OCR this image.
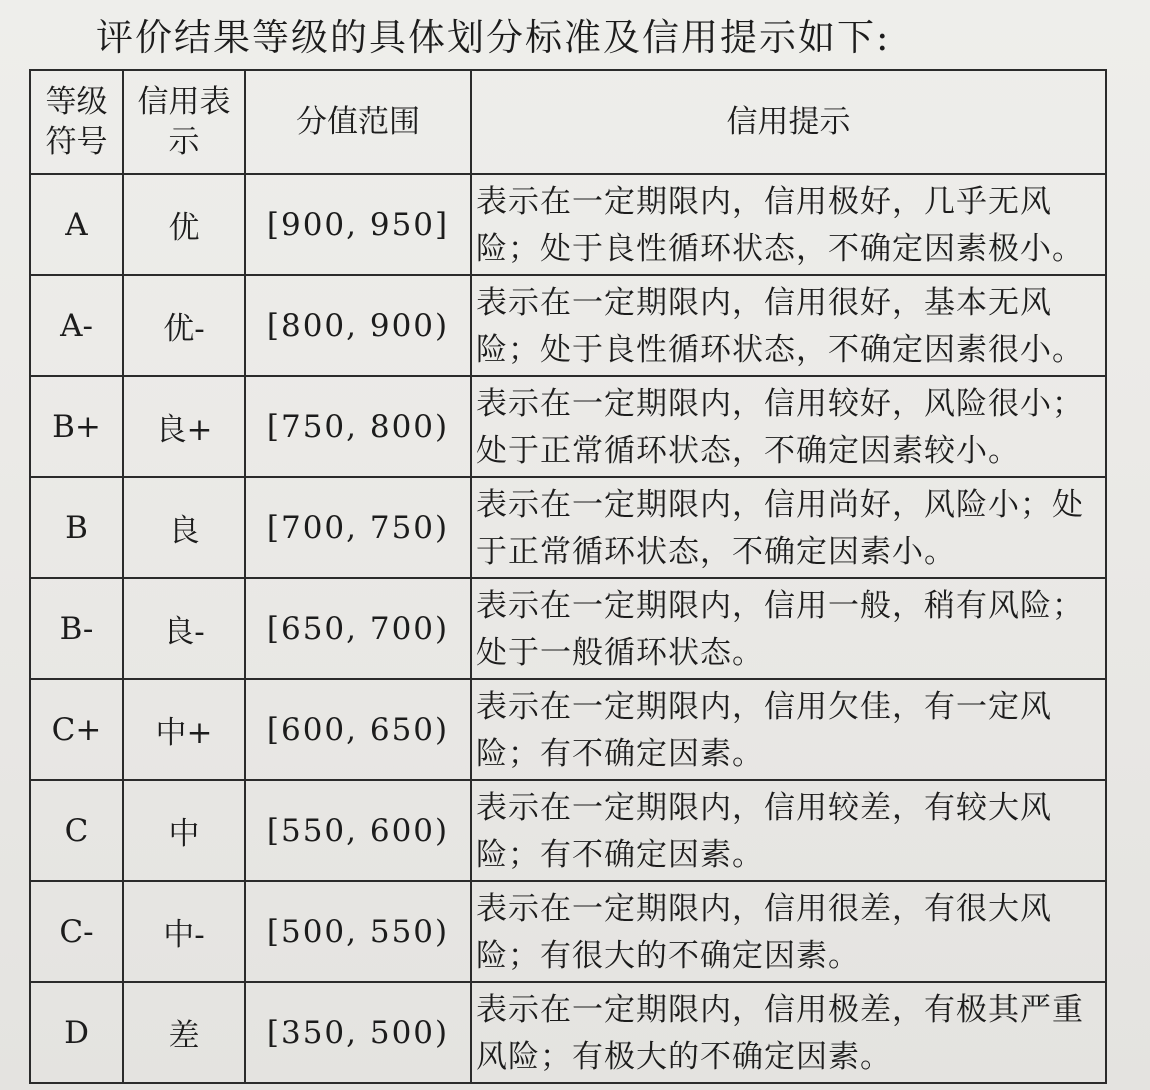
评价结果等级的具体划分标准及信用提示如下:
等级符号	信用表示	分值范围	信用提示
A	优	[900, 950]	表示在一定期限内，信用极好，几乎无风险；处于良性循环状态，不确定因素极小。
A-	优-	[800, 900)	表示在一定期限内，信用很好，基本无风险；处于良性循环状态，不确定因素很小。
B+	良+	[750, 800)	表示在一定期限内，信用较好，风险很小；处于正常循环状态，不确定因素较小。
B	良	[700, 750)	表示在一定期限内，信用尚好，风险小；处于正常循环状态，不确定因素小。
B-	良-	[650, 700)	表示在一定期限内，信用一般，稍有风险；处于一般循环状态。
C+	中+	[600, 650)	表示在一定期限内，信用欠佳，有一定风险；有不确定因素。
C	中	[550, 600)	表示在一定期限内，信用较差，有较大风险；有不确定因素。
C-	中-	[500, 550)	表示在一定期限内，信用很差，有很大风险；有很大的不确定因素。
D	差	[350, 500)	表示在一定期限内，信用极差，有极其严重风险；有极大的不确定因素。
